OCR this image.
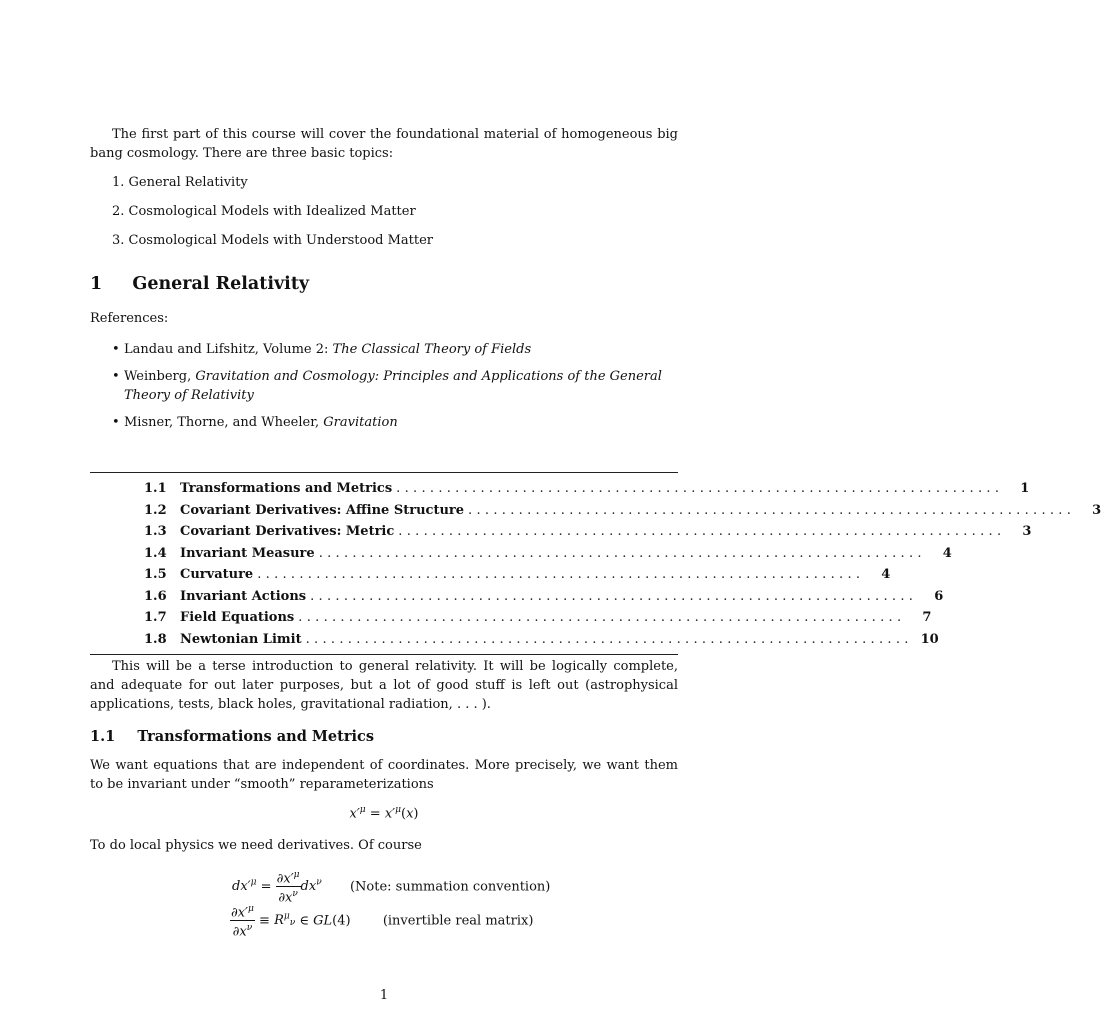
The first part of this course will cover the foundational material of homogeneous big bang cosmology. There are three basic topics:
1. General Relativity
2. Cosmological Models with Idealized Matter
3. Cosmological Models with Understood Matter
1 General Relativity
References:
• Landau and Lifshitz, Volume 2: The Classical Theory of Fields
• Weinberg, Gravitation and Cosmology: Principles and Applications of the General Theory of Relativity
• Misner, Thorne, and Wheeler, Gravitation
1.1	Transformations and Metrics ........................................................................	1
1.2	Covariant Derivatives: Affine Structure ........................................................................	3
1.3	Covariant Derivatives: Metric ........................................................................	3
1.4	Invariant Measure ........................................................................	4
1.5	Curvature ........................................................................	4
1.6	Invariant Actions ........................................................................	6
1.7	Field Equations ........................................................................	7
1.8	Newtonian Limit ........................................................................ 10
This will be a terse introduction to general relativity. It will be logically complete, and adequate for out later purposes, but a lot of good stuff is left out (astrophysical applications, tests, black holes, gravitational radiation, . . . ).
1.1 Transformations and Metrics
We want equations that are independent of coordinates. More precisely, we want them to be invariant under “smooth” reparameterizations
$x'^\mu = x'^\mu(x)$
To do local physics we need derivatives. Of course
$dx'^\mu = \frac{\partial x'^\mu}{\partial x^\nu} dx^\nu$ (Note: summation convention)
$\frac{\partial x'^\mu}{\partial x^\nu} \equiv R^\mu_\nu$ ∈ GL(4)  (invertible real matrix)
1
